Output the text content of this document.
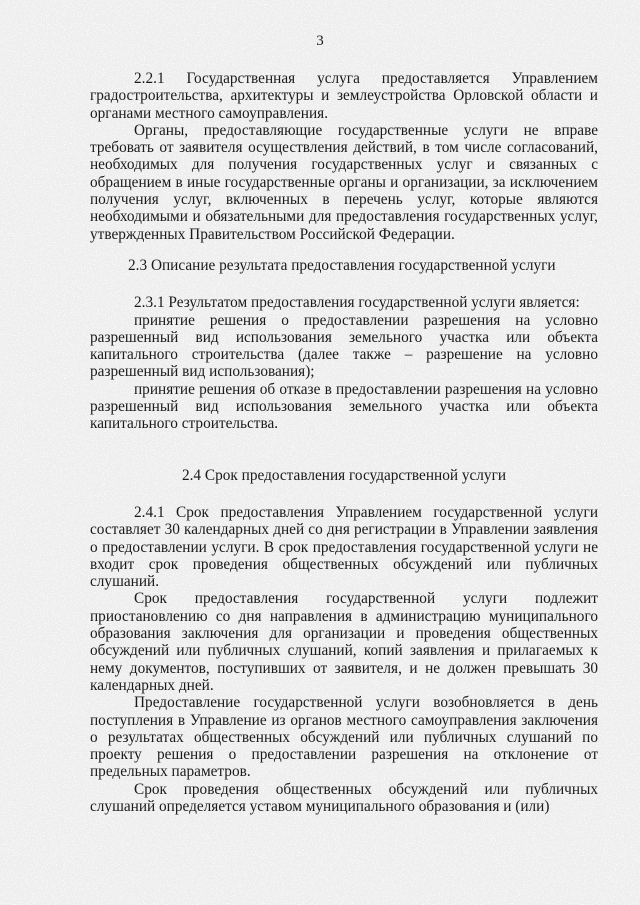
3

2.2.1 Государственная услуга предоставляется Управлением градостроительства, архитектуры и землеустройства Орловской области и органами местного самоуправления.

Органы, предоставляющие государственные услуги не вправе требовать от заявителя осуществления действий, в том числе согласований, необходимых для получения государственных услуг и связанных с обращением в иные государственные органы и организации, за исключением получения услуг, включенных в перечень услуг, которые являются необходимыми и обязательными для предоставления государственных услуг, утвержденных Правительством Российской Федерации.

2.3 Описание результата предоставления государственной услуги

2.3.1 Результатом предоставления государственной услуги является:

принятие решения о предоставлении разрешения на условно разрешенный вид использования земельного участка или объекта капитального строительства (далее также – разрешение на условно разрешенный вид использования);

принятие решения об отказе в предоставлении разрешения на условно разрешенный вид использования земельного участка или объекта капитального строительства.

2.4 Срок предоставления государственной услуги

2.4.1 Срок предоставления Управлением государственной услуги составляет 30 календарных дней со дня регистрации в Управлении заявления о предоставлении услуги. В срок предоставления государственной услуги не входит срок проведения общественных обсуждений или публичных слушаний.

Срок предоставления государственной услуги подлежит приостановлению со дня направления в администрацию муниципального образования заключения для организации и проведения общественных обсуждений или публичных слушаний, копий заявления и прилагаемых к нему документов, поступивших от заявителя, и не должен превышать 30 календарных дней.

Предоставление государственной услуги возобновляется в день поступления в Управление из органов местного самоуправления заключения о результатах общественных обсуждений или публичных слушаний по проекту решения о предоставлении разрешения на отклонение от предельных параметров.

Срок проведения общественных обсуждений или публичных слушаний определяется уставом муниципального образования и (или)
